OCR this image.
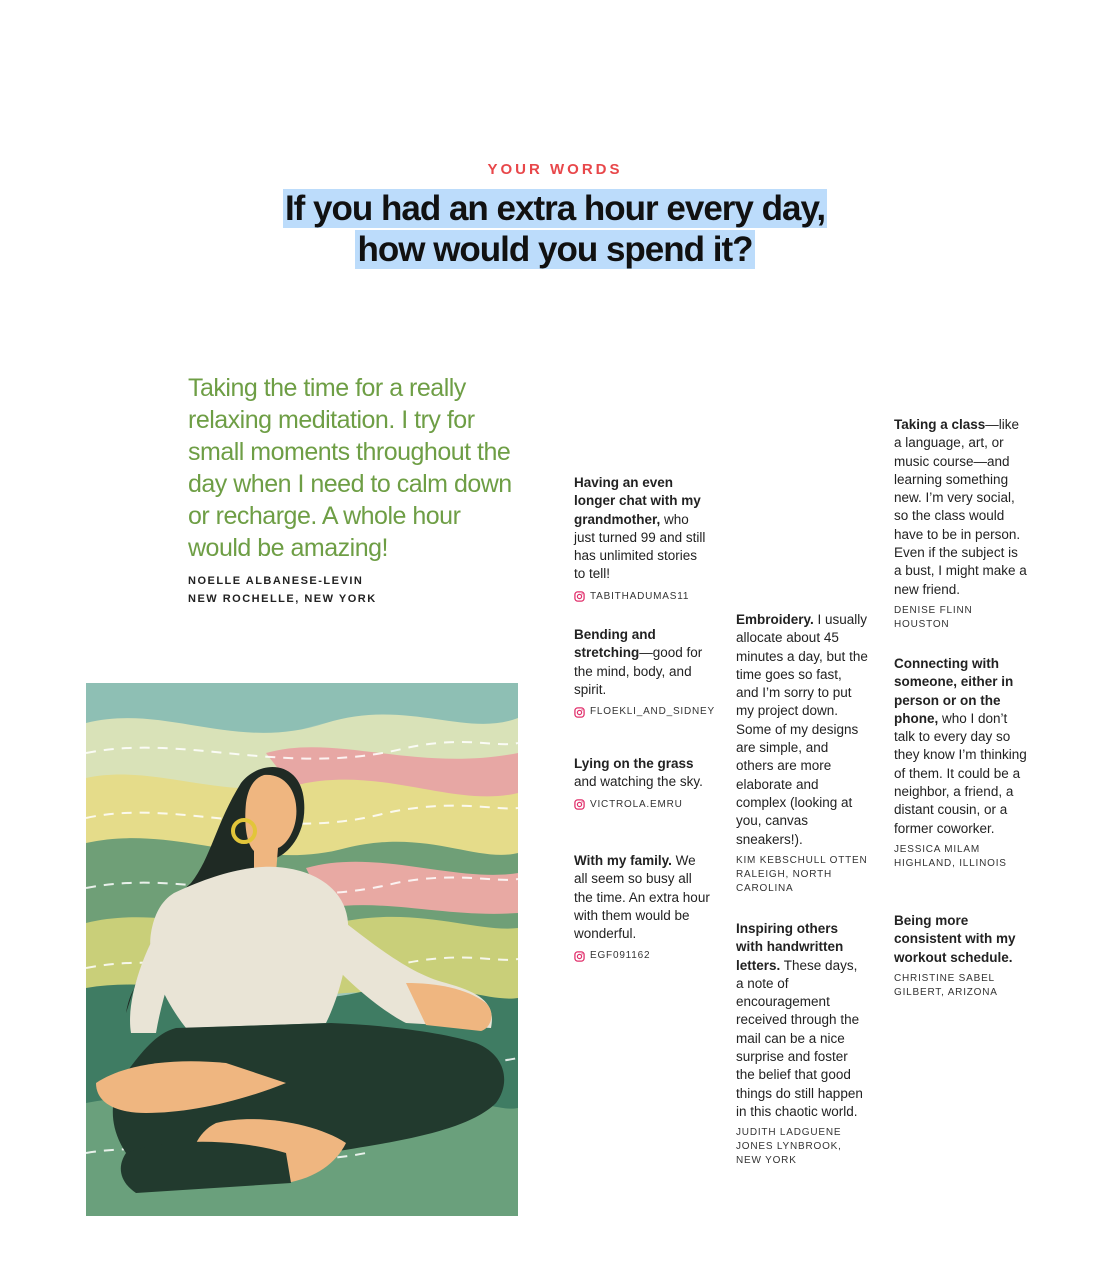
YOUR WORDS
If you had an extra hour every day,
how would you spend it?
Taking the time for a really relaxing meditation. I try for small moments throughout the day when I need to calm down or recharge. A whole hour would be amazing!
NOELLE ALBANESE-LEVIN
NEW ROCHELLE, NEW YORK
Having an even longer chat with my grandmother, who just turned 99 and still has unlimited stories to tell!
TABITHADUMAS11
Bending and stretching—good for the mind, body, and spirit.
FLOEKLI_AND_SIDNEY
Lying on the grass and watching the sky.
VICTROLA.EMRU
With my family. We all seem so busy all the time. An extra hour with them would be wonderful.
EGF091162
Embroidery. I usually allocate about 45 minutes a day, but the time goes so fast, and I’m sorry to put my project down. Some of my designs are simple, and others are more elaborate and complex (looking at you, canvas sneakers!).
KIM KEBSCHULL OTTEN RALEIGH, NORTH CAROLINA
Inspiring others with handwritten letters. These days, a note of encouragement received through the mail can be a nice surprise and foster the belief that good things do still happen in this chaotic world.
JUDITH LADGUENE JONES LYNBROOK, NEW YORK
Taking a class—like a language, art, or music course—and learning something new. I’m very social, so the class would have to be in person. Even if the subject is a bust, I might make a new friend.
DENISE FLINN HOUSTON
Connecting with someone, either in person or on the phone, who I don’t talk to every day so they know I’m thinking of them. It could be a neighbor, a friend, a distant cousin, or a former coworker.
JESSICA MILAM HIGHLAND, ILLINOIS
Being more consistent with my workout schedule.
CHRISTINE SABEL GILBERT, ARIZONA
